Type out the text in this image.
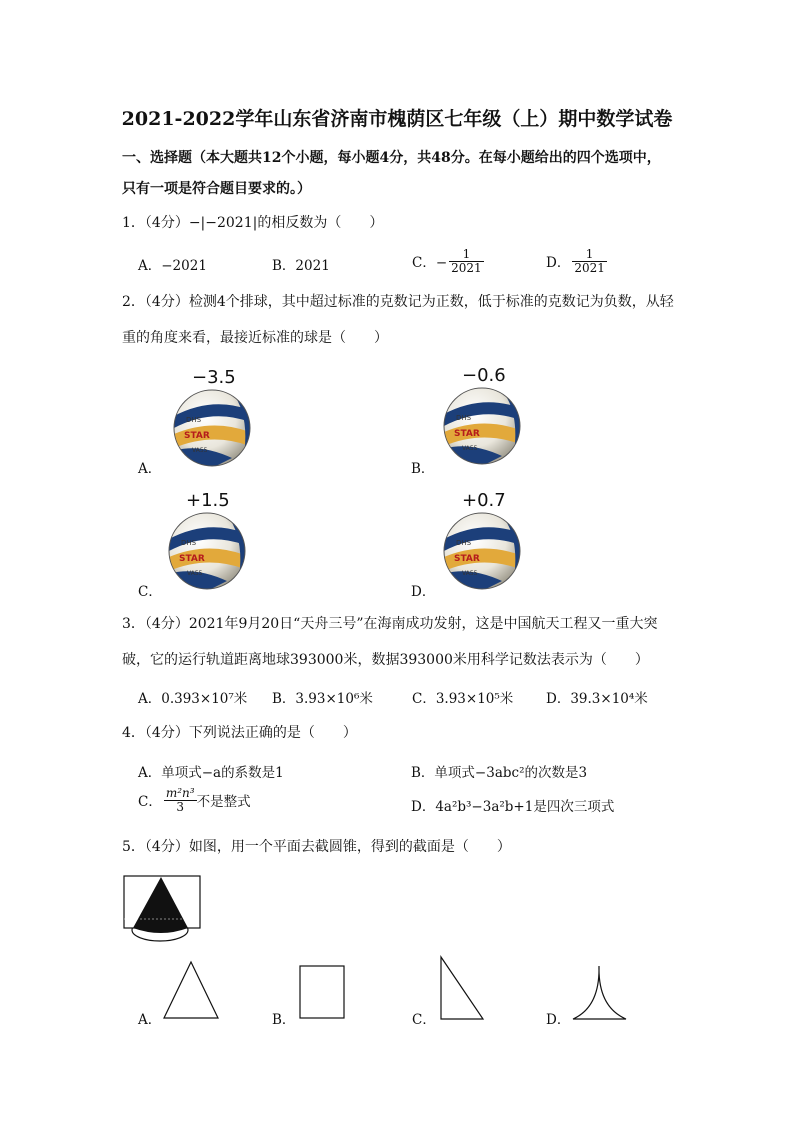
2021-2022学年山东省济南市槐荫区七年级（上）期中数学试卷
一、选择题（本大题共12个小题，每小题4分，共48分。在每小题给出的四个选项中，
只有一项是符合题目要求的。）
1．（4分）−|−2021|的相反数为（　　）
A．−2021	B．2021	C．− $\frac{1}{2021}$	D． $\frac{1}{2021}$
2．（4分）检测4个排球，其中超过标准的克数记为正数，低于标准的克数记为负数，从轻
重的角度来看，最接近标准的球是（　　）
−3.5
DHS
STAR
VA55
A．
−0.6
DHS
STAR
VA55
B．
+1.5
DHS
STAR
VA55
C．
+0.7
DHS
STAR
VA55
D．
3．（4分）2021年9月20日“天舟三号”在海南成功发射，这是中国航天工程又一重大突
破，它的运行轨道距离地球393000米，数据393000米用科学记数法表示为（　　）
A．0.393×10⁷米 B．3.93×10⁶米	C．3.93×10⁵米 D．39.3×10⁴米
4．（4分）下列说法正确的是（　　）
A．单项式−a的系数是1	B．单项式−3abc²的次数是3
C． $\frac{\text{m²n³}}{3}$ 不是整式	D．4a²b³−3a²b+1是四次三项式
5．（4分）如图，用一个平面去截圆锥，得到的截面是（　　）
A．	B．	C．	D．
